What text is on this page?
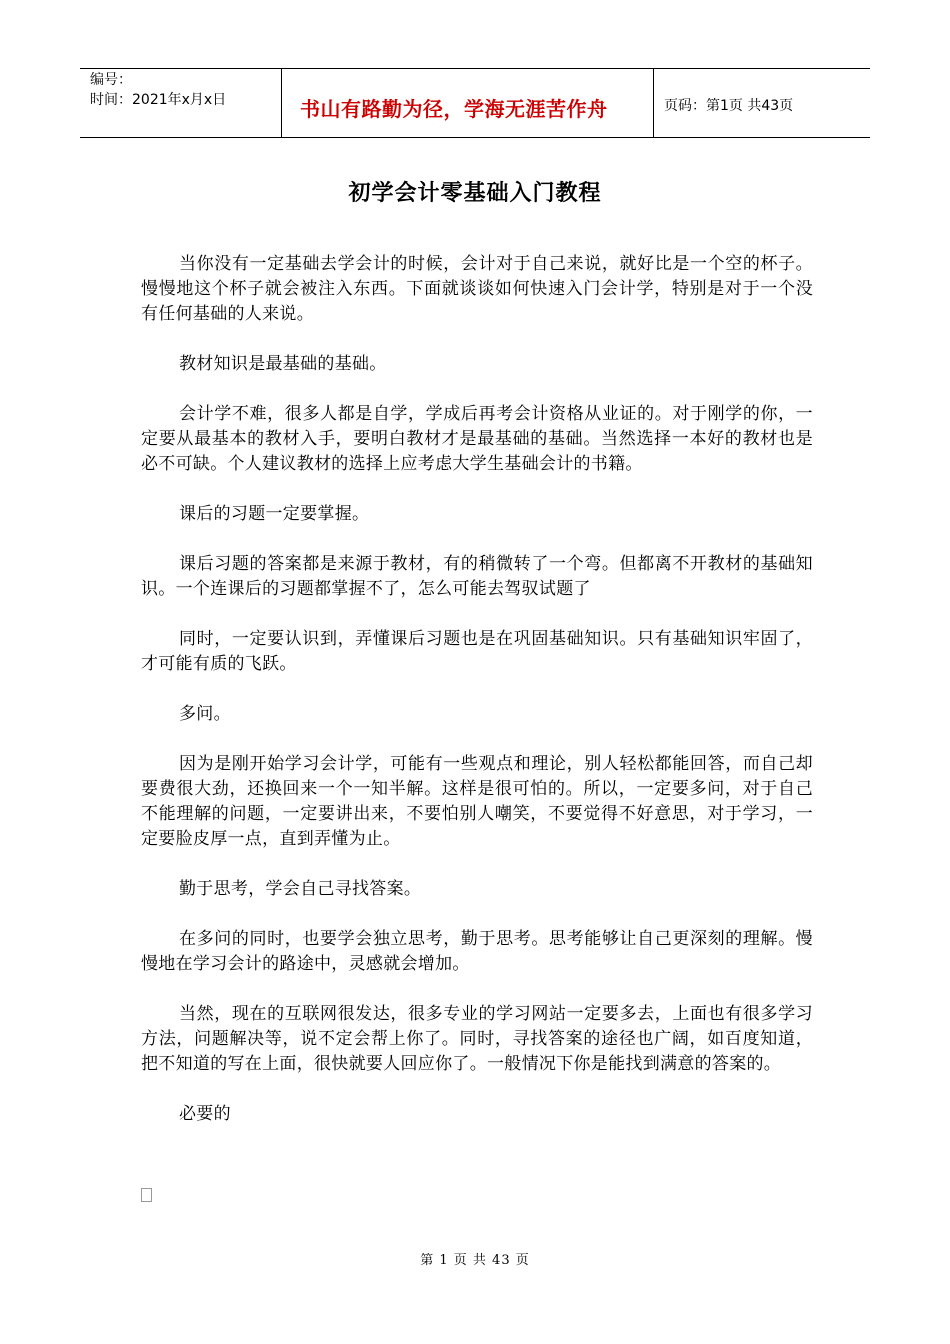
编号：
时间：2021年x月x日	书山有路勤为径，学海无涯苦作舟	页码：第1页 共43页
初学会计零基础入门教程

当你没有一定基础去学会计的时候，会计对于自己来说，就好比是一个空的杯子。慢慢地这个杯子就会被注入东西。下面就谈谈如何快速入门会计学，特别是对于一个没有任何基础的人来说。

教材知识是最基础的基础。

会计学不难，很多人都是自学，学成后再考会计资格从业证的。对于刚学的你，一定要从最基本的教材入手，要明白教材才是最基础的基础。当然选择一本好的教材也是必不可缺。个人建议教材的选择上应考虑大学生基础会计的书籍。

课后的习题一定要掌握。

课后习题的答案都是来源于教材，有的稍微转了一个弯。但都离不开教材的基础知识。一个连课后的习题都掌握不了，怎么可能去驾驭试题了

同时，一定要认识到，弄懂课后习题也是在巩固基础知识。只有基础知识牢固了，才可能有质的飞跃。

多问。

因为是刚开始学习会计学，可能有一些观点和理论，别人轻松都能回答，而自己却要费很大劲，还换回来一个一知半解。这样是很可怕的。所以，一定要多问，对于自己不能理解的问题，一定要讲出来，不要怕别人嘲笑，不要觉得不好意思，对于学习，一定要脸皮厚一点，直到弄懂为止。

勤于思考，学会自己寻找答案。

在多问的同时，也要学会独立思考，勤于思考。思考能够让自己更深刻的理解。慢慢地在学习会计的路途中，灵感就会增加。

当然，现在的互联网很发达，很多专业的学习网站一定要多去，上面也有很多学习方法，问题解决等，说不定会帮上你了。同时，寻找答案的途径也广阔，如百度知道，把不知道的写在上面，很快就要人回应你了。一般情况下你是能找到满意的答案的。

必要的

第 1 页 共 43 页
